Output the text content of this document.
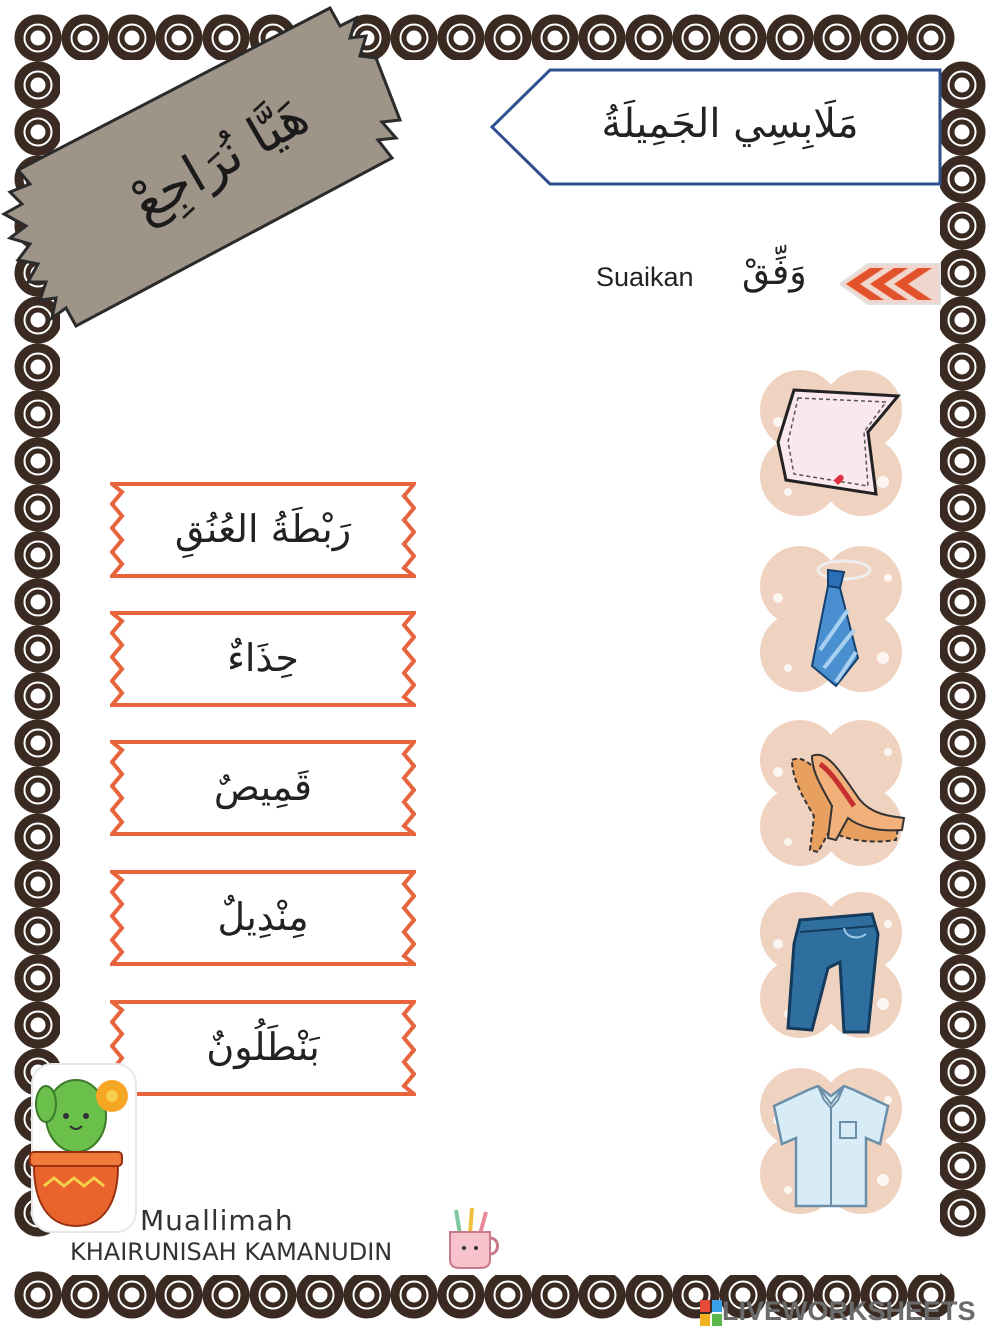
هَيَّا نُرَاجِعْ	مَلَابِسِي الجَمِيلَةُ
Suaikan وَفِّقْ
رَبْطَةُ العُنُقِ
حِذَاءٌ
قَمِيصٌ
مِنْدِيلٌ
بَنْطَلُونٌ
Muallimah
KHAIRUNISAH KAMANUDIN
LIVEWORKSHEETS
